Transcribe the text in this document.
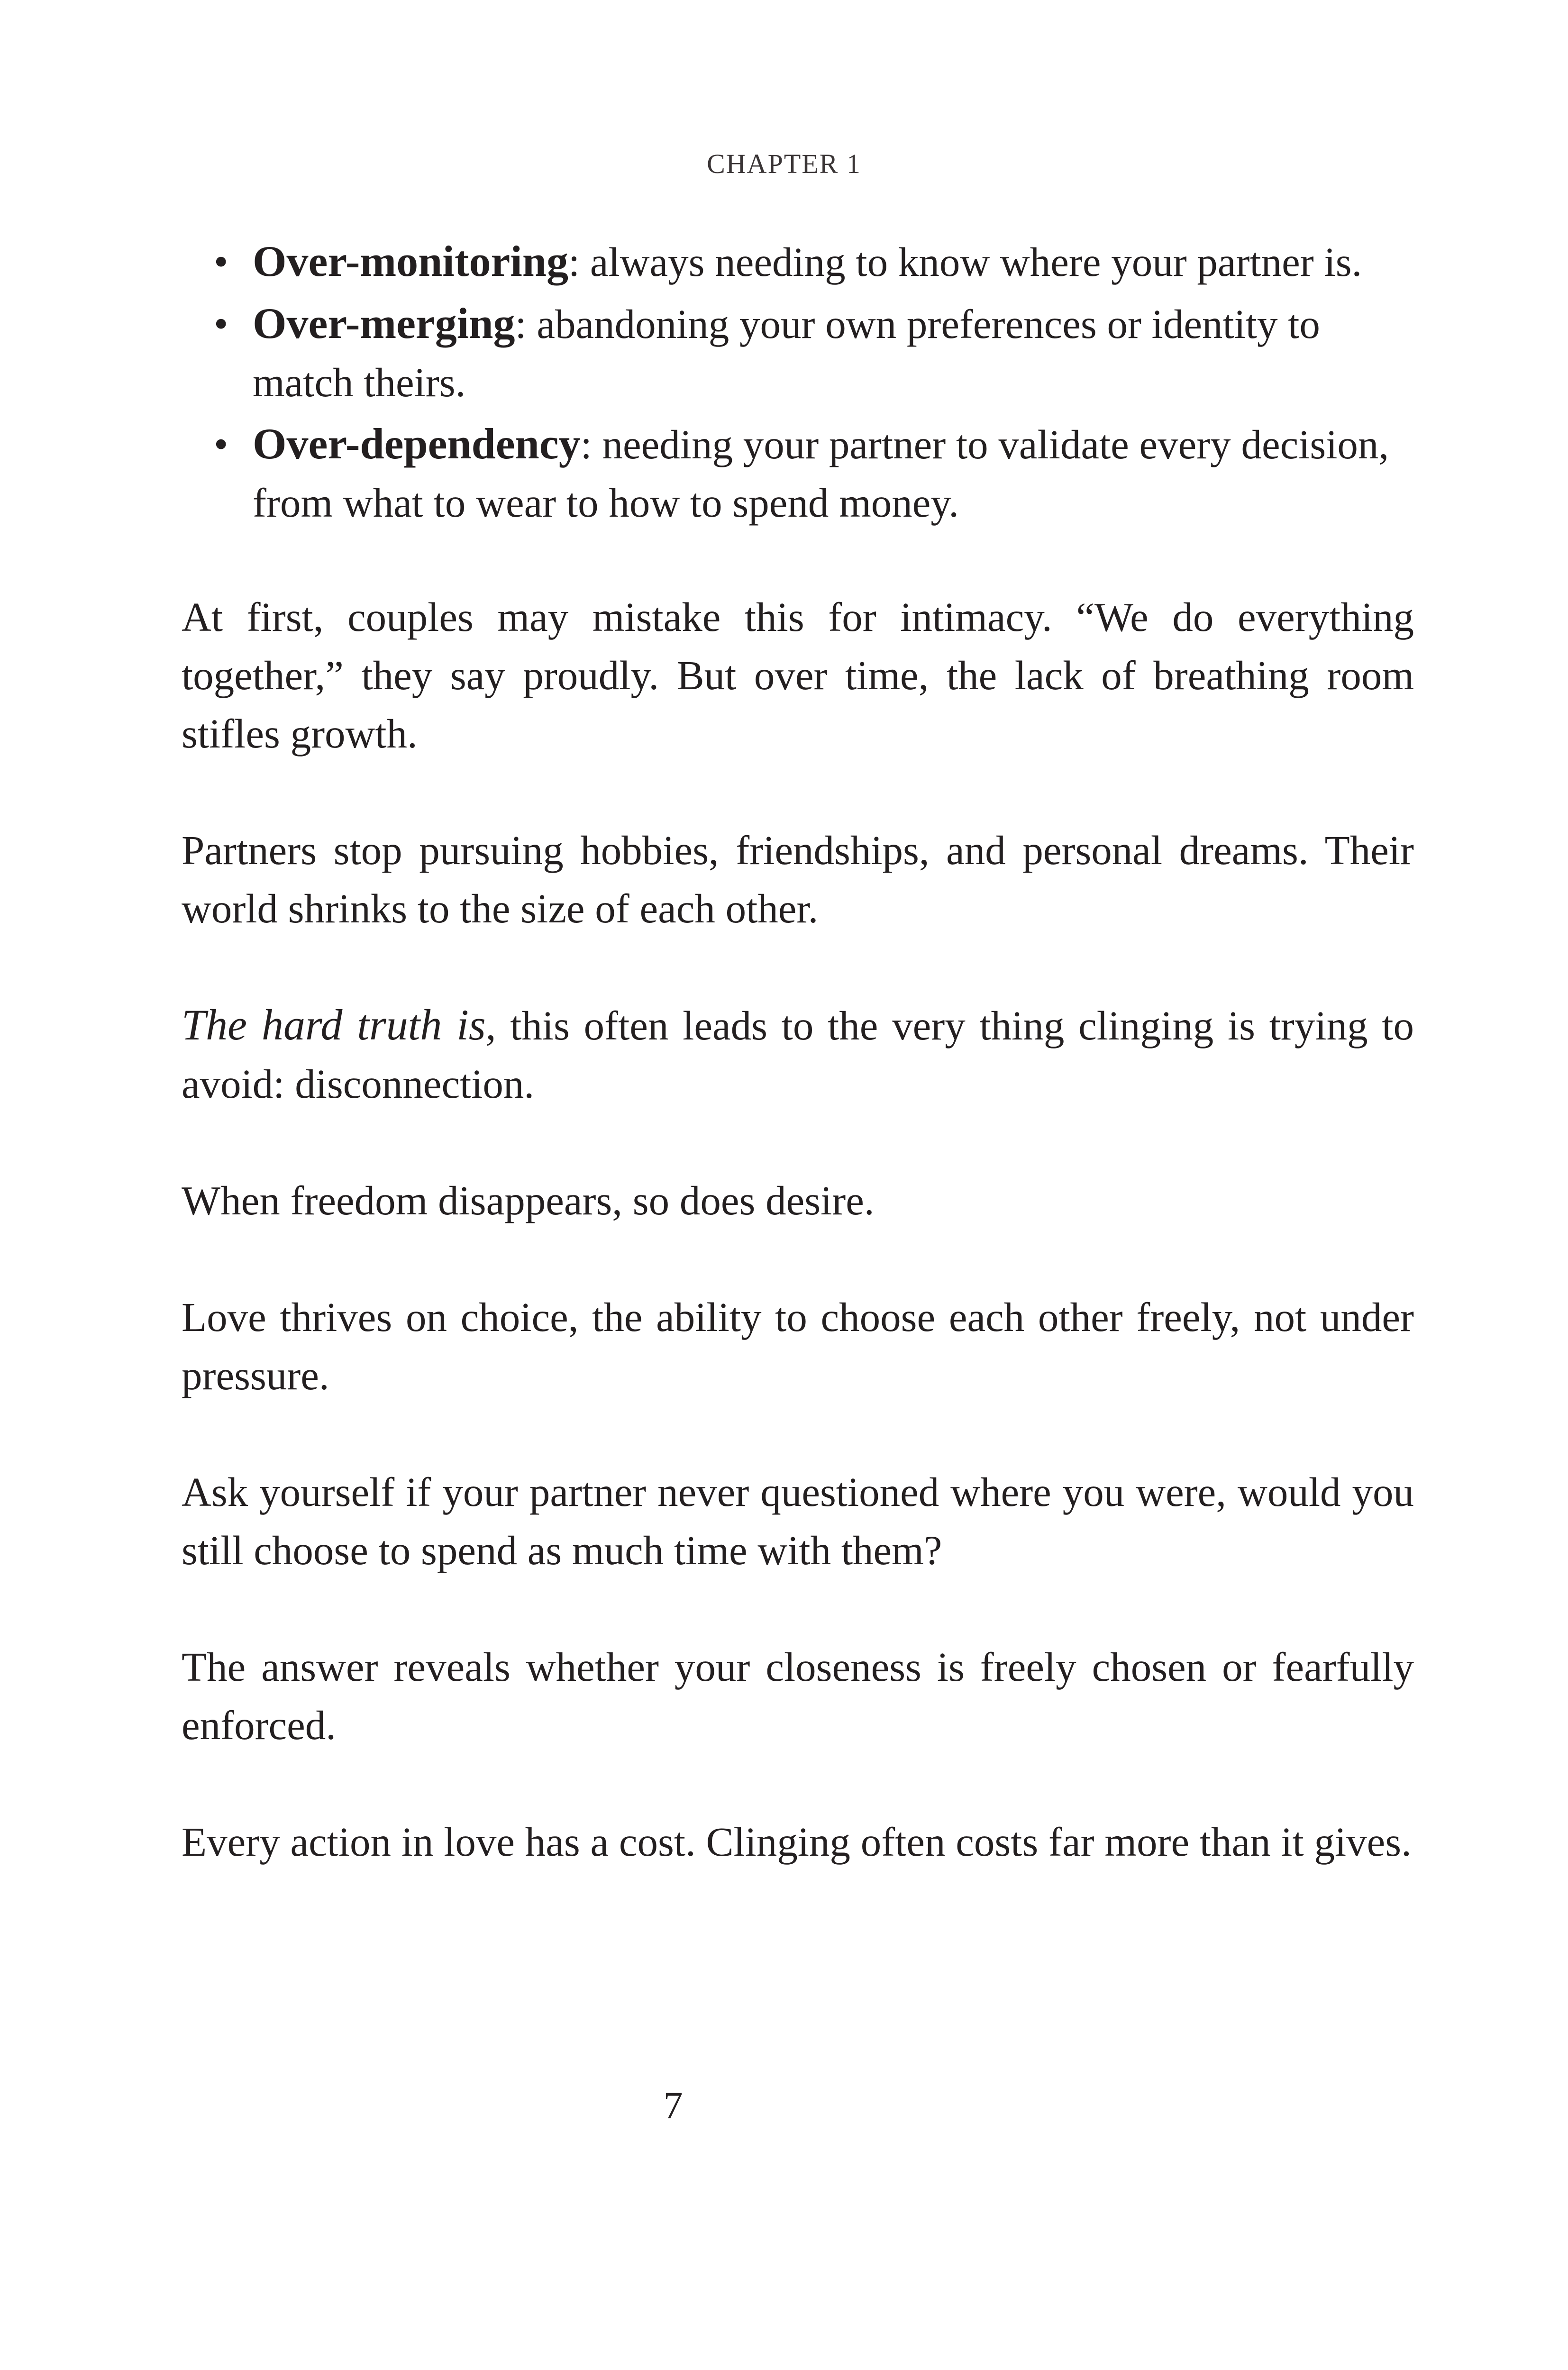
CHAPTER 1
• Over-monitoring: always needing to know where your partner is.
• Over-merging: abandoning your own preferences or identity to match theirs.
• Over-dependency: needing your partner to validate every decision, from what to wear to how to spend money.

At first, couples may mistake this for intimacy. “We do everything together,” they say proudly. But over time, the lack of breathing room stifles growth.

Partners stop pursuing hobbies, friendships, and personal dreams. Their world shrinks to the size of each other.

The hard truth is, this often leads to the very thing clinging is trying to avoid: disconnection.

When freedom disappears, so does desire.

Love thrives on choice, the ability to choose each other freely, not under pressure.

Ask yourself if your partner never questioned where you were, would you still choose to spend as much time with them?

The answer reveals whether your closeness is freely chosen or fearfully enforced.

Every action in love has a cost. Clinging often costs far more than it gives.

7
